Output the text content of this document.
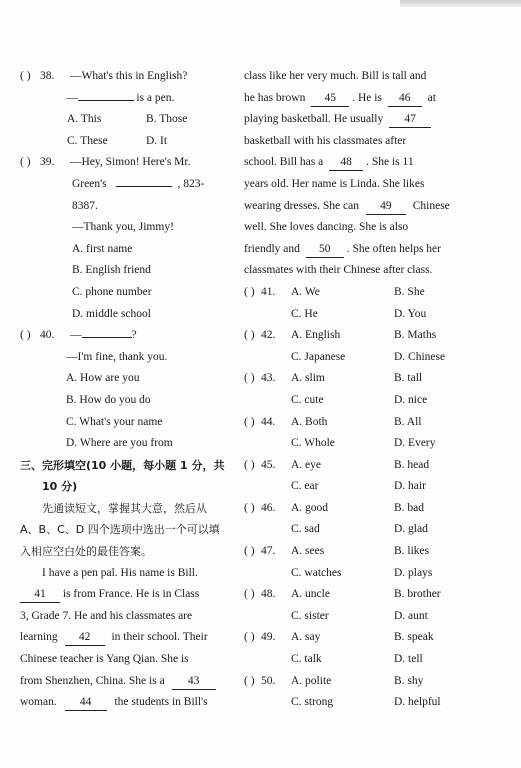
( ) 38. —What's this in English?
—	is a pen.
A. This	B. Those
C. These	D. It
( ) 39. —Hey, Simon! Here's Mr.
Green's	, 823-
8387.
—Thank you, Jimmy!
A. first name
B. English friend
C. phone number
D. middle school
( ) 40. —	?
—I'm fine, thank you.
A. How are you
B. How do you do
C. What's your name
D. Where are you from
三、完形填空(10 小题，每小题 1 分，共
10 分)
先通读短文，掌握其大意，然后从
A、B、C、D 四个选项中选出一个可以填
入相应空白处的最佳答案。
I have a pen pal. His name is Bill.
41 is from France. He is in Class
3, Grade 7. He and his classmates are
learning 42 in their school. Their
Chinese teacher is Yang Qian. She is
from Shenzhen, China. She is a 43
woman. 44 the students in Bill's
class like her very much. Bill is tall and
he has brown 45 . He is 46 at
playing basketball. He usually 47
basketball with his classmates after
school. Bill has a 48 . She is 11
years old. Her name is Linda. She likes
wearing dresses. She can 49 Chinese
well. She loves dancing. She is also
friendly and 50 . She often helps her
classmates with their Chinese after class.
( ) 41. A. We	B. She
C. He	D. You
( ) 42. A. English	B. Maths
C. Japanese	D. Chinese
( ) 43. A. slim	B. tall
C. cute	D. nice
( ) 44. A. Both	B. All
C. Whole	D. Every
( ) 45. A. eye	B. head
C. ear	D. hair
( ) 46. A. good	B. bad
C. sad	D. glad
( ) 47. A. sees	B. likes
C. watches	D. plays
( ) 48. A. uncle	B. brother
C. sister	D. aunt
( ) 49. A. say	B. speak
C. talk	D. tell
( ) 50. A. polite	B. shy
C. strong	D. helpful
